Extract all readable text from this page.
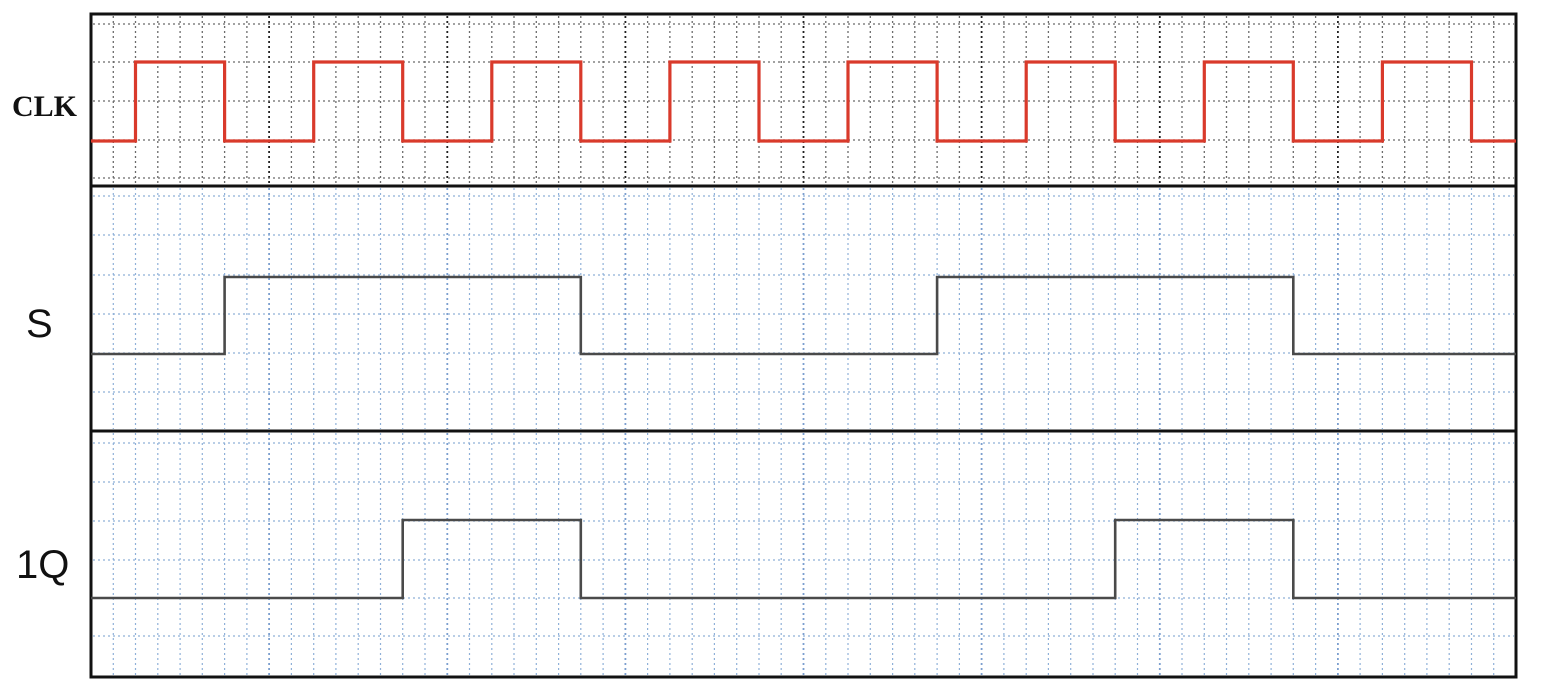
CLK
S
1Q
